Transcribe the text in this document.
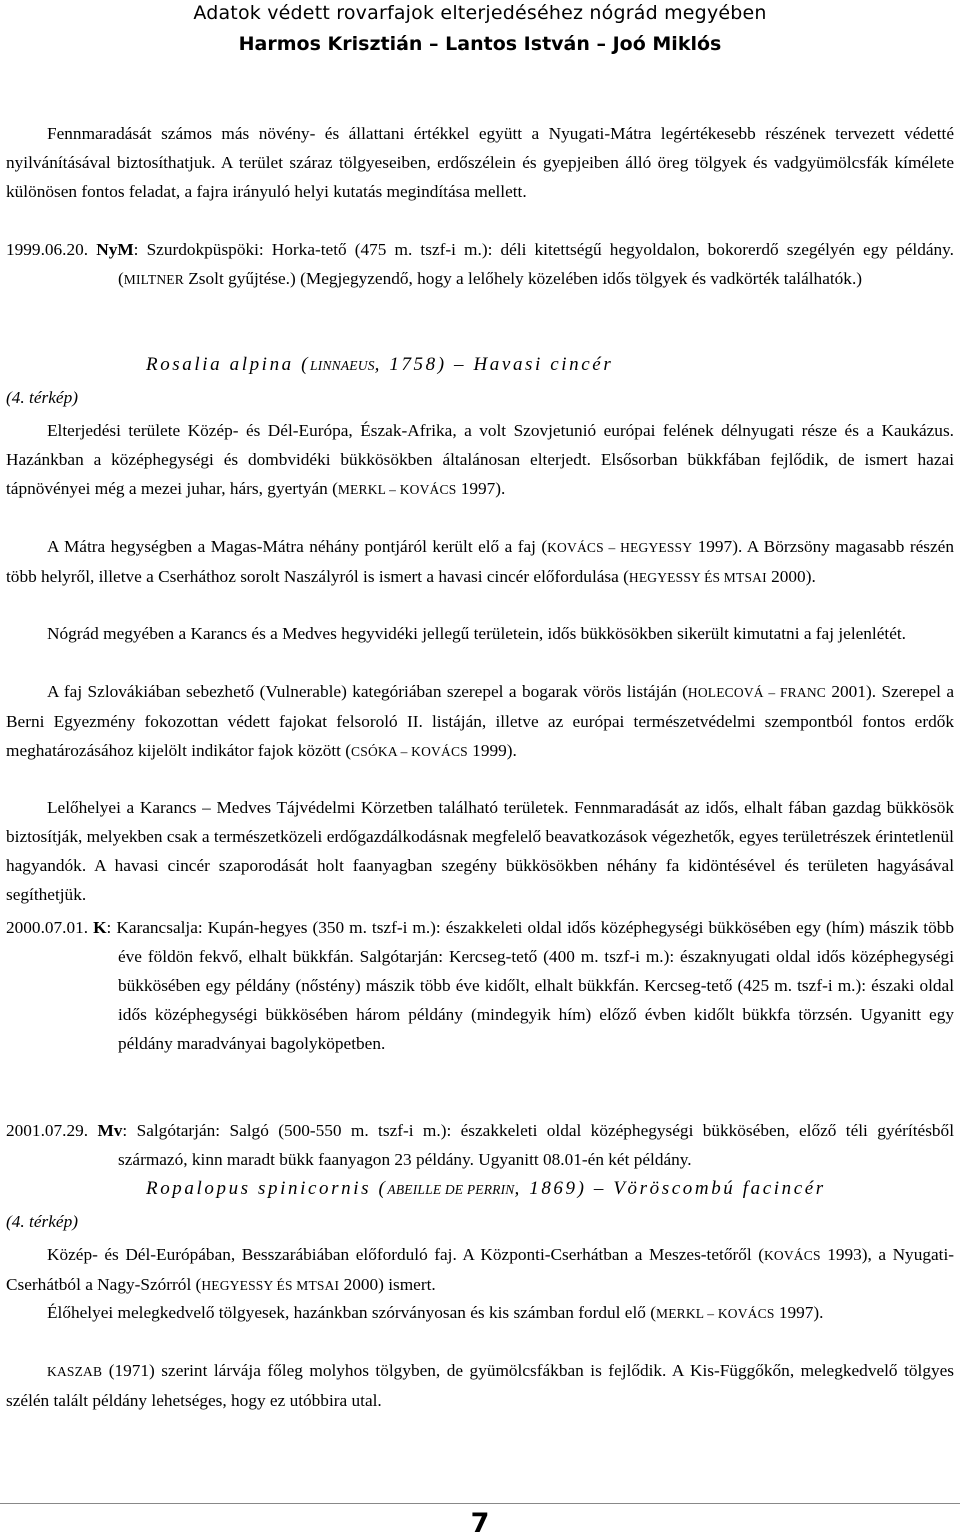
Adatok védett rovarfajok elterjedéséhez nógrád megyében
Harmos Krisztián – Lantos István – Joó Miklós
Fennmaradását számos más növény- és állattani értékkel együtt a Nyugati-Mátra legértékesebb részének tervezett védetté nyilvánításával biztosíthatjuk. A terület száraz tölgyeseiben, erdőszélein és gyepjeiben álló öreg tölgyek és vadgyümölcsfák kímélete különösen fontos feladat, a fajra irányuló helyi kutatás megindítása mellett.
1999.06.20. NyM: Szurdokpüspöki: Horka-tető (475 m. tszf-i m.): déli kitettségű hegyoldalon, bokorerdő szegélyén egy példány. (MILTNER Zsolt gyűjtése.) (Megjegyzendő, hogy a lelőhely közelében idős tölgyek és vadkörték találhatók.)
Rosalia alpina (LINNAEUS, 1758) – Havasi cincér
(4. térkép)
Elterjedési területe Közép- és Dél-Európa, Észak-Afrika, a volt Szovjetunió európai felének délnyugati része és a Kaukázus. Hazánkban a középhegységi és dombvidéki bükkösökben általánosan elterjedt. Elsősorban bükkfában fejlődik, de ismert hazai tápnövényei még a mezei juhar, hárs, gyertyán (MERKL – KOVÁCS 1997).
A Mátra hegységben a Magas-Mátra néhány pontjáról került elő a faj (KOVÁCS – HEGYESSY 1997). A Börzsöny magasabb részén több helyről, illetve a Cserháthoz sorolt Naszályról is ismert a havasi cincér előfordulása (HEGYESSY ÉS MTSAI 2000).
Nógrád megyében a Karancs és a Medves hegyvidéki jellegű területein, idős bükkösökben sikerült kimutatni a faj jelenlétét.
A faj Szlovákiában sebezhető (Vulnerable) kategóriában szerepel a bogarak vörös listáján (HOLECOVÁ – FRANC 2001). Szerepel a Berni Egyezmény fokozottan védett fajokat felsoroló II. listáján, illetve az európai természetvédelmi szempontból fontos erdők meghatározásához kijelölt indikátor fajok között (CSÓKA – KOVÁCS 1999).
Lelőhelyei a Karancs – Medves Tájvédelmi Körzetben található területek. Fennmaradását az idős, elhalt fában gazdag bükkösök biztosítják, melyekben csak a természetközeli erdőgazdálkodásnak megfelelő beavatkozások végezhetők, egyes területrészek érintetlenül hagyandók. A havasi cincér szaporodását holt faanyagban szegény bükkösökben néhány fa kidöntésével és területen hagyásával segíthetjük.
2000.07.01. K: Karancsalja: Kupán-hegyes (350 m. tszf-i m.): északkeleti oldal idős középhegységi bükkösében egy (hím) mászik több éve földön fekvő, elhalt bükkfán. Salgótarján: Kercseg-tető (400 m. tszf-i m.): északnyugati oldal idős középhegységi bükkösében egy példány (nőstény) mászik több éve kidőlt, elhalt bükkfán. Kercseg-tető (425 m. tszf-i m.): északi oldal idős középhegységi bükkösében három példány (mindegyik hím) előző évben kidőlt bükkfa törzsén. Ugyanitt egy példány maradványai bagolyköpetben.
2001.07.29. Mv: Salgótarján: Salgó (500-550 m. tszf-i m.): északkeleti oldal középhegységi bükkösében, előző téli gyérítésből származó, kinn maradt bükk faanyagon 23 példány. Ugyanitt 08.01-én két példány.
Ropalopus spinicornis (ABEILLE DE PERRIN, 1869) – Vöröscombú facincér
(4. térkép)
Közép- és Dél-Európában, Besszarábiában előforduló faj. A Központi-Cserhátban a Meszes-tetőről (KOVÁCS 1993), a Nyugati-Cserhátból a Nagy-Szórról (HEGYESSY ÉS MTSAI 2000) ismert.
Élőhelyei melegkedvelő tölgyesek, hazánkban szórványosan és kis számban fordul elő (MERKL – KOVÁCS 1997).
KASZAB (1971) szerint lárvája főleg molyhos tölgyben, de gyümölcsfákban is fejlődik. A Kis-Függőkőn, melegkedvelő tölgyes szélén talált példány lehetséges, hogy ez utóbbira utal.
7
